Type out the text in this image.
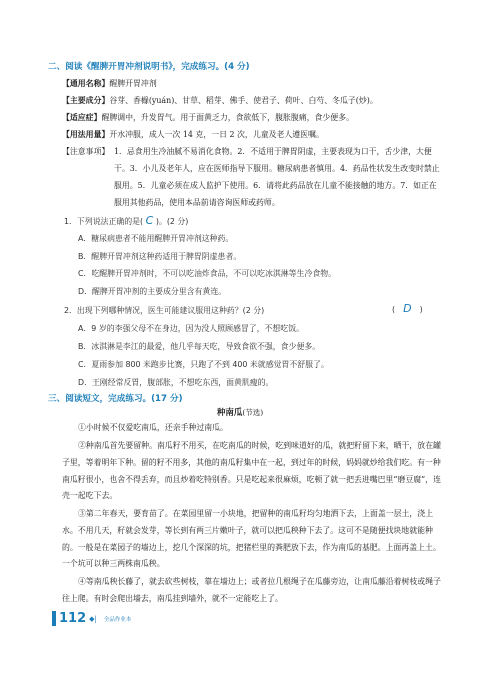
二、阅读《醒脾开胃冲剂说明书》，完成练习。(4 分)
【通用名称】醒脾开胃冲剂
【主要成分】谷芽、香橼(yuán)、甘草、稻芽、佛手、使君子、荷叶、白芍、冬瓜子(炒)。
【适应症】醒脾调中，升发胃气。用于面黄乏力，食欲低下，腹胀腹痛，食少便多。
【用法用量】开水冲服，成人一次 14 克，一日 2 次，儿童及老人遵医嘱。
【注意事项】 1．忌食用生冷油腻不易消化食物。2．不适用于脾胃阴虚，主要表现为口干，舌少津，大便干。3．小儿及老年人，应在医师指导下服用。糖尿病患者慎用。4．药品性状发生改变时禁止服用。5．儿童必须在成人监护下使用。6．请将此药品放在儿童不能接触的地方。7．如正在服用其他药品，使用本品前请咨询医师或药师。
1．下列说法正确的是( C )。(2 分)
A．糖尿病患者不能用醒脾开胃冲剂这种药。
B．醒脾开胃冲剂这种药适用于脾胃阴虚患者。
C．吃醒脾开胃冲剂时，不可以吃油炸食品，不可以吃冰淇淋等生冷食物。
D．醒脾开胃冲剂的主要成分里含有黄连。
2．出现下列哪种情况，医生可能建议服用这种药？(2 分)	( D )
A．9 岁的李强父母不在身边，因为没人照顾感冒了，不想吃饭。
B．冰淇淋是李江的最爱，他几乎每天吃，导致食欲不强，食少便多。
C．夏雨参加 800 米跑步比赛，只跑了不到 400 米就感觉胃不舒服了。
D．王刚经常反胃，腹部胀，不想吃东西，面黄肌瘦的。
三、阅读短文，完成练习。(17 分)
种南瓜(节选)
①小时候不仅爱吃南瓜，还亲手种过南瓜。
②种南瓜首先要留种。南瓜籽不用买，在吃南瓜的时候，吃到味道好的瓜，就把籽留下来，晒干，放在罐子里，等着明年下种。留的籽不用多，其他的南瓜籽集中在一起，到过年的时候，妈妈就炒给我们吃。有一种南瓜籽很小，也舍不得丢弃，而且炒着吃特别香。只是吃起来很麻烦，吃顿了就一把丢进嘴巴里“磨豆腐”，连壳一起吃下去。
③第二年春天，要育苗了。在菜园里留一小块地，把留种的南瓜籽均匀地洒下去，上面盖一层土，浇上水。不用几天，籽就会发芽，等长到有两三片嫩叶子，就可以把瓜秧种下去了。这可不是随便找块地就能种的。一般是在菜园子的墙边上，挖几个深深的坑，把猪栏里的粪肥放下去，作为南瓜的基肥。上面再盖上土。一个坑可以种三两株南瓜秧。
④等南瓜秧长藤了，就去砍些树枝，靠在墙边上；或者拉几根绳子在瓜藤旁边，让南瓜藤沿着树枝或绳子往上爬。有时会爬出墙去，南瓜挂到墙外，就不一定能吃上了。
112 ◆| 全品作业本
